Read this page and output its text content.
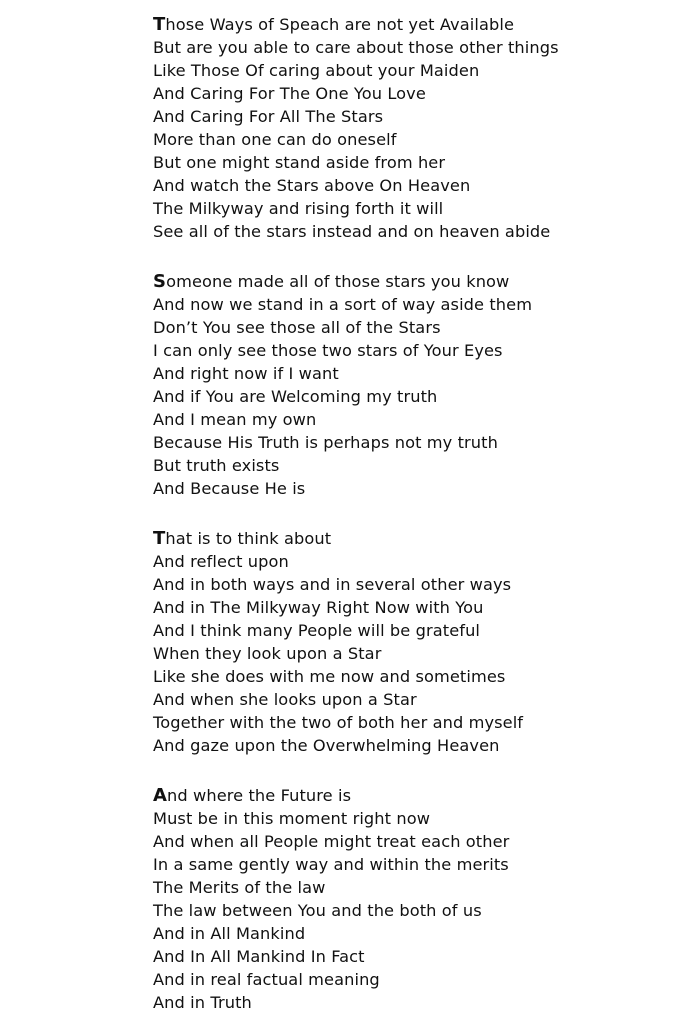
Those Ways of Speach are not yet Available
But are you able to care about those other things
Like Those Of caring about your Maiden
And Caring For The One You Love
And Caring For All The Stars
More than one can do oneself
But one might stand aside from her
And watch the Stars above On Heaven
The Milkyway and rising forth it will
See all of the stars instead and on heaven abide
Someone made all of those stars you know
And now we stand in a sort of way aside them
Don’t You see those all of the Stars
I can only see those two stars of Your Eyes
And right now if I want
And if You are Welcoming my truth
And I mean my own
Because His Truth is perhaps not my truth
But truth exists
And Because He is
That is to think about
And reflect upon
And in both ways and in several other ways
And in The Milkyway Right Now with You
And I think many People will be grateful
When they look upon a Star
Like she does with me now and sometimes
And when she looks upon a Star
Together with the two of both her and myself
And gaze upon the Overwhelming Heaven
And where the Future is
Must be in this moment right now
And when all People might treat each other
In a same gently way and within the merits
The Merits of the law
The law between You and the both of us
And in All Mankind
And In All Mankind In Fact
And in real factual meaning
And in Truth
